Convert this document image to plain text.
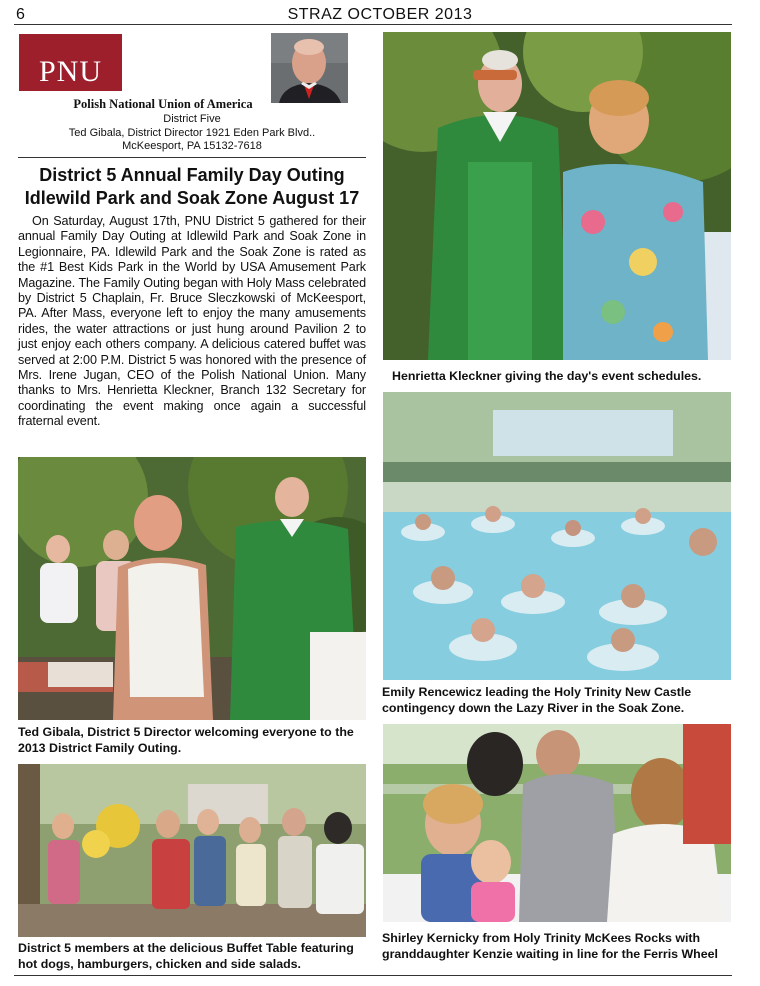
6	STRAZ OCTOBER 2013
PNU
Polish National Union of America
District Five
Ted Gibala, District Director 1921 Eden Park Blvd..
McKeesport, PA 15132-7618
District 5 Annual Family Day Outing
Idlewild Park and Soak Zone August 17
On Saturday, August 17th, PNU District 5 gathered for their annual Family Day Outing at Idlewild Park and Soak Zone in Legionnaire, PA. Idlewild Park and the Soak Zone is rated as the #1 Best Kids Park in the World by USA Amusement Park Magazine. The Family Outing began with Holy Mass celebrated by District 5 Chaplain, Fr. Bruce Sleczkowski of McKeesport, PA. After Mass, everyone left to enjoy the many amusements rides, the water attractions or just hung around Pavilion 2 to just enjoy each others company. A delicious catered buffet was served at 2:00 P.M. District 5 was honored with the presence of Mrs. Irene Jugan, CEO of the Polish National Union. Many thanks to Mrs. Henrietta Kleckner, Branch 132 Secretary for coordinating the event making once again a successful fraternal event.
Ted Gibala, District 5 Director welcoming everyone to the 2013 District Family Outing.
District 5 members at the delicious Buffet Table featuring hot dogs, hamburgers, chicken and side salads.
Henrietta Kleckner giving the day's event schedules.
Emily Rencewicz leading the Holy Trinity New Castle contingency down the Lazy River in the Soak Zone.
Shirley Kernicky from Holy Trinity McKees Rocks with granddaughter Kenzie waiting in line for the Ferris Wheel
